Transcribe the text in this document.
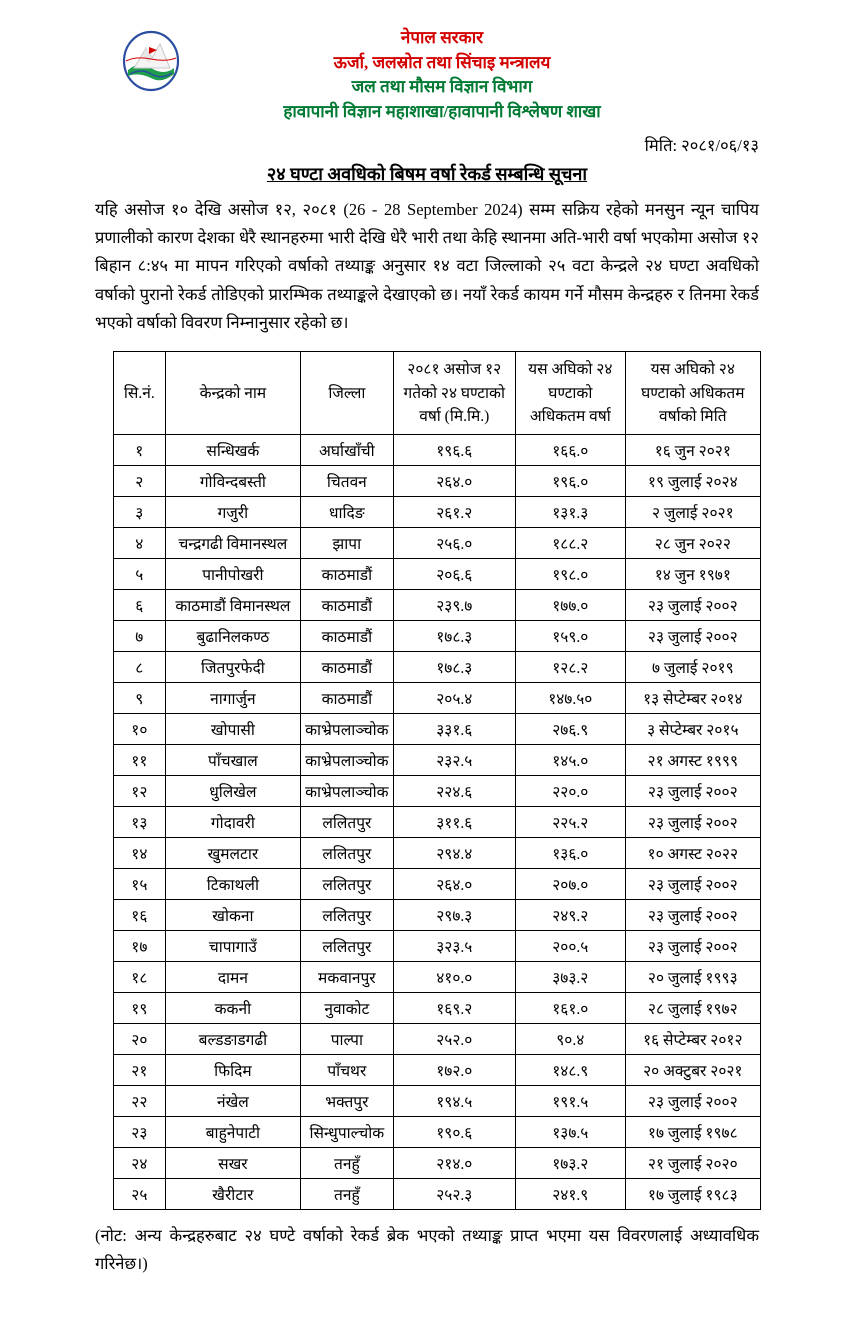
नेपाल सरकार
ऊर्जा, जलस्रोत तथा सिंचाइ मन्त्रालय
जल तथा मौसम विज्ञान विभाग
हावापानी विज्ञान महाशाखा/हावापानी विश्लेषण शाखा
मिति: २०८१/०६/१३
२४ घण्टा अवधिको बिषम वर्षा रेकर्ड सम्बन्धि सूचना

यहि असोज १० देखि असोज १२, २०८१ (26 - 28 September 2024) सम्म सक्रिय रहेको मनसुन न्यून चापिय प्रणालीको कारण देशका धेरै स्थानहरुमा भारी देखि धेरै भारी तथा केहि स्थानमा अति-भारी वर्षा भएकोमा असोज १२ बिहान ८:४५ मा मापन गरिएको वर्षाको तथ्याङ्क अनुसार १४ वटा जिल्लाको २५ वटा केन्द्रले २४ घण्टा अवधिको वर्षाको पुरानो रेकर्ड तोडिएको प्रारम्भिक तथ्याङ्कले देखाएको छ। नयाँ रेकर्ड कायम गर्ने मौसम केन्द्रहरु र तिनमा रेकर्ड भएको वर्षाको विवरण निम्नानुसार रहेको छ।

सि.नं.	केन्द्रको नाम	जिल्ला	२०८१ असोज १२ गतेको २४ घण्टाको वर्षा (मि.मि.)	यस अघिको २४ घण्टाको अधिकतम वर्षा	यस अघिको २४ घण्टाको अधिकतम वर्षाको मिति
१	सन्धिखर्क	अर्घाखाँची	१९६.६	१६६.०	१६ जुन २०२१
२	गोविन्दबस्ती	चितवन	२६४.०	१९६.०	१९ जुलाई २०२४
३	गजुरी	धादिङ	२६१.२	१३१.३	२ जुलाई २०२१
४	चन्द्रगढी विमानस्थल	झापा	२५६.०	१८८.२	२८ जुन २०२२
५	पानीपोखरी	काठमाडौं	२०६.६	१९८.०	१४ जुन १९७१
६	काठमाडौं विमानस्थल	काठमाडौं	२३९.७	१७७.०	२३ जुलाई २००२
७	बुढानिलकण्ठ	काठमाडौं	१७८.३	१५९.०	२३ जुलाई २००२
८	जितपुरफेदी	काठमाडौं	१७८.३	१२८.२	७ जुलाई २०१९
९	नागार्जुन	काठमाडौं	२०५.४	१४७.५०	१३ सेप्टेम्बर २०१४
१०	खोपासी	काभ्रेपलाञ्चोक	३३१.६	२७६.९	३ सेप्टेम्बर २०१५
११	पाँचखाल	काभ्रेपलाञ्चोक	२३२.५	१४५.०	२१ अगस्ट १९९९
१२	धुलिखेल	काभ्रेपलाञ्चोक	२२४.६	२२०.०	२३ जुलाई २००२
१३	गोदावरी	ललितपुर	३११.६	२२५.२	२३ जुलाई २००२
१४	खुमलटार	ललितपुर	२९४.४	१३६.०	१० अगस्ट २०२२
१५	टिकाथली	ललितपुर	२६४.०	२०७.०	२३ जुलाई २००२
१६	खोकना	ललितपुर	२९७.३	२४९.२	२३ जुलाई २००२
१७	चापागाउँ	ललितपुर	३२३.५	२००.५	२३ जुलाई २००२
१८	दामन	मकवानपुर	४१०.०	३७३.२	२० जुलाई १९९३
१९	ककनी	नुवाकोट	१६९.२	१६१.०	२८ जुलाई १९७२
२०	बल्डङाडगढी	पाल्पा	२५२.०	९०.४	१६ सेप्टेम्बर २०१२
२१	फिदिम	पाँचथर	१७२.०	१४८.९	२० अक्टुबर २०२१
२२	नंखेल	भक्तपुर	१९४.५	१९१.५	२३ जुलाई २००२
२३	बाहुनेपाटी	सिन्धुपाल्चोक	१९०.६	१३७.५	१७ जुलाई १९७८
२४	सखर	तनहुँ	२१४.०	१७३.२	२१ जुलाई २०२०
२५	खैरीटार	तनहुँ	२५२.३	२४१.९	१७ जुलाई १९८३

(नोट: अन्य केन्द्रहरुबाट २४ घण्टे वर्षाको रेकर्ड ब्रेक भएको तथ्याङ्क प्राप्त भएमा यस विवरणलाई अध्यावधिक गरिनेछ।)
